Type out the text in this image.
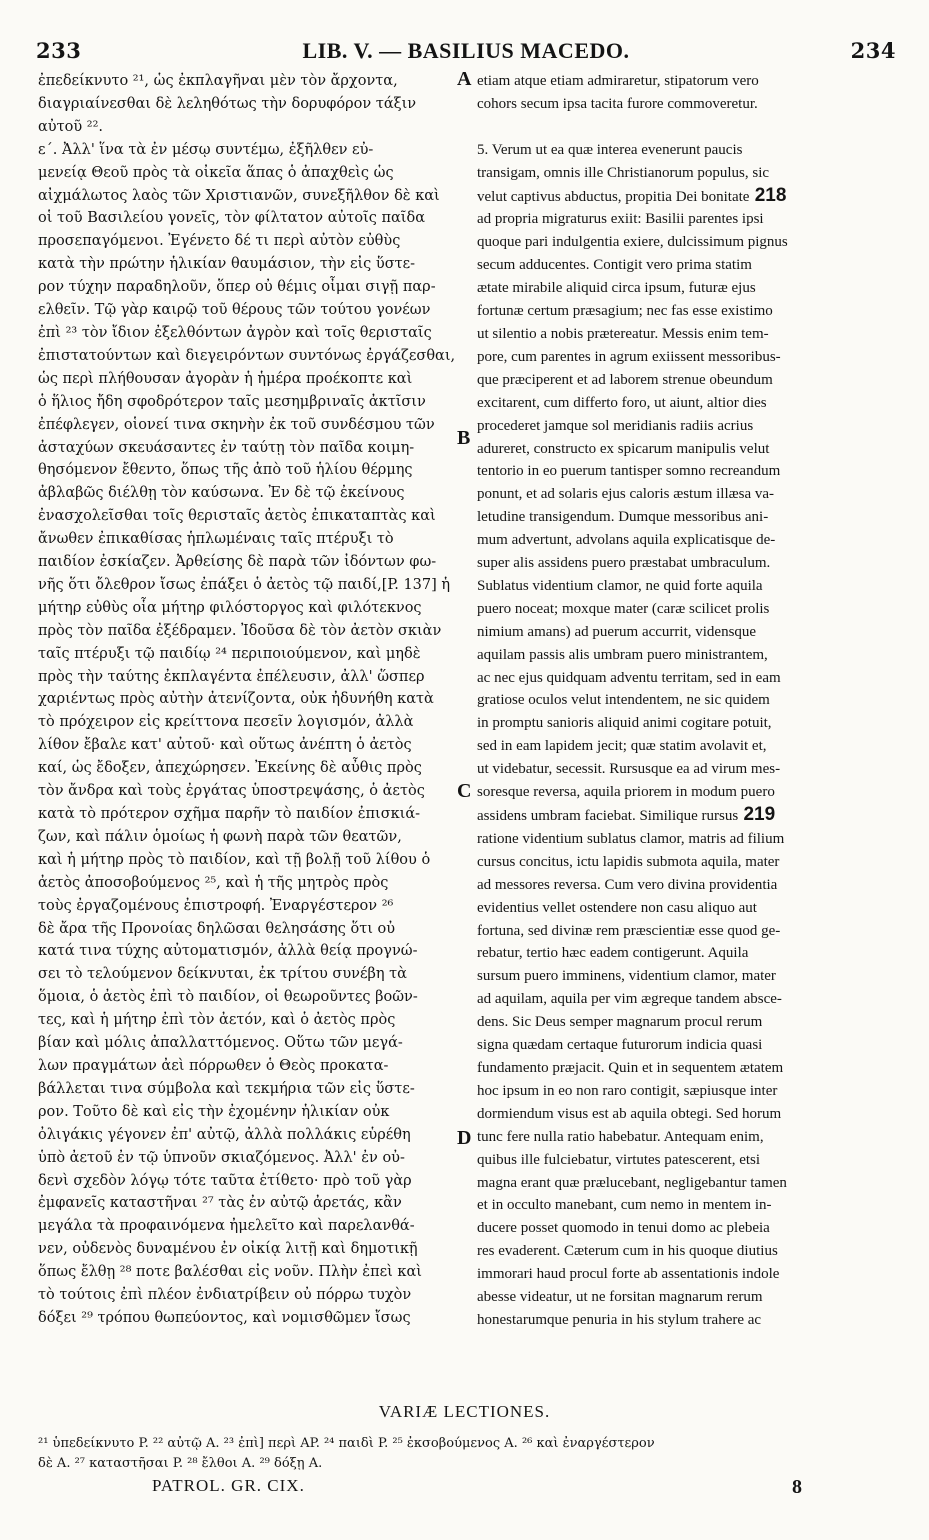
233	LIB. V. — BASILIUS MACEDO.	234
ἐπεδείκνυτο ²¹, ὡς ἐκπλαγῆναι μὲν τὸν ἄρχοντα,
διαγριαίνεσθαι δὲ λεληθότως τὴν δορυφόρον τάξιν
αὐτοῦ ²².
ε΄. Ἀλλ' ἵνα τὰ ἐν μέσῳ συντέμω, ἐξῆλθεν εὐ-
μενείᾳ Θεοῦ πρὸς τὰ οἰκεῖα ἅπας ὁ ἀπαχθεὶς ὡς
αἰχμάλωτος λαὸς τῶν Χριστιανῶν, συνεξῆλθον δὲ καὶ
οἱ τοῦ Βασιλείου γονεῖς, τὸν φίλτατον αὐτοῖς παῖδα
προσεπαγόμενοι. Ἐγένετο δέ τι περὶ αὐτὸν εὐθὺς
κατὰ τὴν πρώτην ἡλικίαν θαυμάσιον, τὴν εἰς ὕστε-
ρον τύχην παραδηλοῦν, ὅπερ οὐ θέμις οἶμαι σιγῇ παρ-
ελθεῖν. Τῷ γὰρ καιρῷ τοῦ θέρους τῶν τούτου γονέων
ἐπὶ ²³ τὸν ἴδιον ἐξελθόντων ἀγρὸν καὶ τοῖς θερισταῖς
ἐπιστατούντων καὶ διεγειρόντων συντόνως ἐργάζεσθαι,
ὡς περὶ πλήθουσαν ἀγορὰν ἡ ἡμέρα προέκοπτε καὶ
ὁ ἥλιος ἤδη σφοδρότερον ταῖς μεσημβριναῖς ἀκτῖσιν
ἐπέφλεγεν, οἱονεί τινα σκηνὴν ἐκ τοῦ συνδέσμου τῶν
ἀσταχύων σκευάσαντες ἐν ταύτῃ τὸν παῖδα κοιμη-
θησόμενον ἔθεντο, ὅπως τῆς ἀπὸ τοῦ ἡλίου θέρμης
ἀβλαβῶς διέλθῃ τὸν καύσωνα. Ἐν δὲ τῷ ἐκείνους
ἐνασχολεῖσθαι τοῖς θερισταῖς ἀετὸς ἐπικαταπτὰς καὶ
ἄνωθεν ἐπικαθίσας ἡπλωμέναις ταῖς πτέρυξι τὸ
παιδίον ἐσκίαζεν. Ἀρθείσης δὲ παρὰ τῶν ἰδόντων φω-
νῆς ὅτι ὄλεθρον ἴσως ἐπάξει ὁ ἀετὸς τῷ παιδί,[P. 137] ἡ
μήτηρ εὐθὺς οἷα μήτηρ φιλόστοργος καὶ φιλότεκνος
πρὸς τὸν παῖδα ἐξέδραμεν. Ἰδοῦσα δὲ τὸν ἀετὸν σκιὰν
ταῖς πτέρυξι τῷ παιδίῳ ²⁴ περιποιούμενον, καὶ μηδὲ
πρὸς τὴν ταύτης ἐκπλαγέντα ἐπέλευσιν, ἀλλ' ὥσπερ
χαριέντως πρὸς αὐτὴν ἀτενίζοντα, οὐκ ἠδυνήθη κατὰ
τὸ πρόχειρον εἰς κρείττονα πεσεῖν λογισμόν, ἀλλὰ
λίθον ἔβαλε κατ' αὐτοῦ· καὶ οὕτως ἀνέπτη ὁ ἀετὸς
καί, ὡς ἔδοξεν, ἀπεχώρησεν. Ἐκείνης δὲ αὖθις πρὸς
τὸν ἄνδρα καὶ τοὺς ἐργάτας ὑποστρεψάσης, ὁ ἀετὸς
κατὰ τὸ πρότερον σχῆμα παρῆν τὸ παιδίον ἐπισκιά-
ζων, καὶ πάλιν ὁμοίως ἡ φωνὴ παρὰ τῶν θεατῶν,
καὶ ἡ μήτηρ πρὸς τὸ παιδίον, καὶ τῇ βολῇ τοῦ λίθου ὁ
ἀετὸς ἀποσοβούμενος ²⁵, καὶ ἡ τῆς μητρὸς πρὸς
τοὺς ἐργαζομένους ἐπιστροφή. Ἐναργέστερον ²⁶
δὲ ἄρα τῆς Προνοίας δηλῶσαι θελησάσης ὅτι οὐ
κατά τινα τύχης αὐτοματισμόν, ἀλλὰ θείᾳ προγνώ-
σει τὸ τελούμενον δείκνυται, ἐκ τρίτου συνέβη τὰ
ὅμοια, ὁ ἀετὸς ἐπὶ τὸ παιδίον, οἱ θεωροῦντες βοῶν-
τες, καὶ ἡ μήτηρ ἐπὶ τὸν ἀετόν, καὶ ὁ ἀετὸς πρὸς
βίαν καὶ μόλις ἀπαλλαττόμενος. Οὕτω τῶν μεγά-
λων πραγμάτων ἀεὶ πόρρωθεν ὁ Θεὸς προκατα-
βάλλεται τινα σύμβολα καὶ τεκμήρια τῶν εἰς ὕστε-
ρον. Τοῦτο δὲ καὶ εἰς τὴν ἐχομένην ἡλικίαν οὐκ
ὀλιγάκις γέγονεν ἐπ' αὐτῷ, ἀλλὰ πολλάκις εὑρέθη
ὑπὸ ἀετοῦ ἐν τῷ ὑπνοῦν σκιαζόμενος. Ἀλλ' ἐν οὐ-
δενὶ σχεδὸν λόγῳ τότε ταῦτα ἐτίθετο· πρὸ τοῦ γὰρ
ἐμφανεῖς καταστῆναι ²⁷ τὰς ἐν αὐτῷ ἀρετάς, κἂν
μεγάλα τὰ προφαινόμενα ἠμελεῖτο καὶ παρελανθά-
νεν, οὐδενὸς δυναμένου ἐν οἰκίᾳ λιτῇ καὶ δημοτικῇ
ὅπως ἔλθῃ ²⁸ ποτε βαλέσθαι εἰς νοῦν. Πλὴν ἐπεὶ καὶ
τὸ τούτοις ἐπὶ πλέον ἐνδιατρίβειν οὐ πόρρω τυχὸν
δόξει ²⁹ τρόπου θωπεύοντος, καὶ νομισθῶμεν ἴσως
etiam atque etiam admiraretur, stipatorum vero
cohors secum ipsa tacita furore commoveretur.

5. Verum ut ea quæ interea evenerunt paucis
transigam, omnis ille Christianorum populus, sic
velut captivus abductus, propitia Dei bonitate 218
ad propria migraturus exiit: Basilii parentes ipsi
quoque pari indulgentia exiere, dulcissimum pignus
secum adducentes. Contigit vero prima statim
ætate mirabile aliquid circa ipsum, futuræ ejus
fortunæ certum præsagium; nec fas esse existimo
ut silentio a nobis prætereatur. Messis enim tem-
pore, cum parentes in agrum exiissent messoribus-
que præciperent et ad laborem strenue obeundum
excitarent, cum differto foro, ut aiunt, altior dies
procederet jamque sol meridianis radiis acrius
adureret, constructo ex spicarum manipulis velut
tentorio in eo puerum tantisper somno recreandum
ponunt, et ad solaris ejus caloris æstum illæsa va-
letudine transigendum. Dumque messoribus ani-
mum advertunt, advolans aquila explicatisque de-
super alis assidens puero præstabat umbraculum.
Sublatus videntium clamor, ne quid forte aquila
puero noceat; moxque mater (caræ scilicet prolis
nimium amans) ad puerum accurrit, vidensque
aquilam passis alis umbram puero ministrantem,
ac nec ejus quidquam adventu territam, sed in eam
gratiose oculos velut intendentem, ne sic quidem
in promptu sanioris aliquid animi cogitare potuit,
sed in eam lapidem jecit; quæ statim avolavit et,
ut videbatur, secessit. Rursusque ea ad virum mes-
soresque reversa, aquila priorem in modum puero
assidens umbram faciebat. Similique rursus 219
ratione videntium sublatus clamor, matris ad filium
cursus concitus, ictu lapidis submota aquila, mater
ad messores reversa. Cum vero divina providentia
evidentius vellet ostendere non casu aliquo aut
fortuna, sed divinæ rem præscientiæ esse quod ge-
rebatur, tertio hæc eadem contigerunt. Aquila
sursum puero imminens, videntium clamor, mater
ad aquilam, aquila per vim ægreque tandem absce-
dens. Sic Deus semper magnarum procul rerum
signa quædam certaque futurorum indicia quasi
fundamento præjacit. Quin et in sequentem ætatem
hoc ipsum in eo non raro contigit, sæpiusque inter
dormiendum visus est ab aquila obtegi. Sed horum
tunc fere nulla ratio habebatur. Antequam enim,
quibus ille fulciebatur, virtutes patescerent, etsi
magna erant quæ prælucebant, negligebantur tamen
et in occulto manebant, cum nemo in mentem in-
ducere posset quomodo in tenui domo ac plebeia
res evaderent. Cæterum cum in his quoque diutius
immorari haud procul forte ab assentationis indole
abesse videatur, ut ne forsitan magnarum rerum
honestarumque penuria in his stylum trahere ac
A
B
C
D
VARIÆ LECTIONES.
²¹ ὑπεδείκνυτο P. ²² αὐτῷ A. ²³ ἐπὶ] περὶ AP. ²⁴ παιδὶ P. ²⁵ ἐκσοβούμενος A. ²⁶ καὶ ἐναργέστερον
δὲ A. ²⁷ καταστῆσαι P. ²⁸ ἔλθοι A. ²⁹ δόξῃ A.
PATROL. GR. CIX.	8
